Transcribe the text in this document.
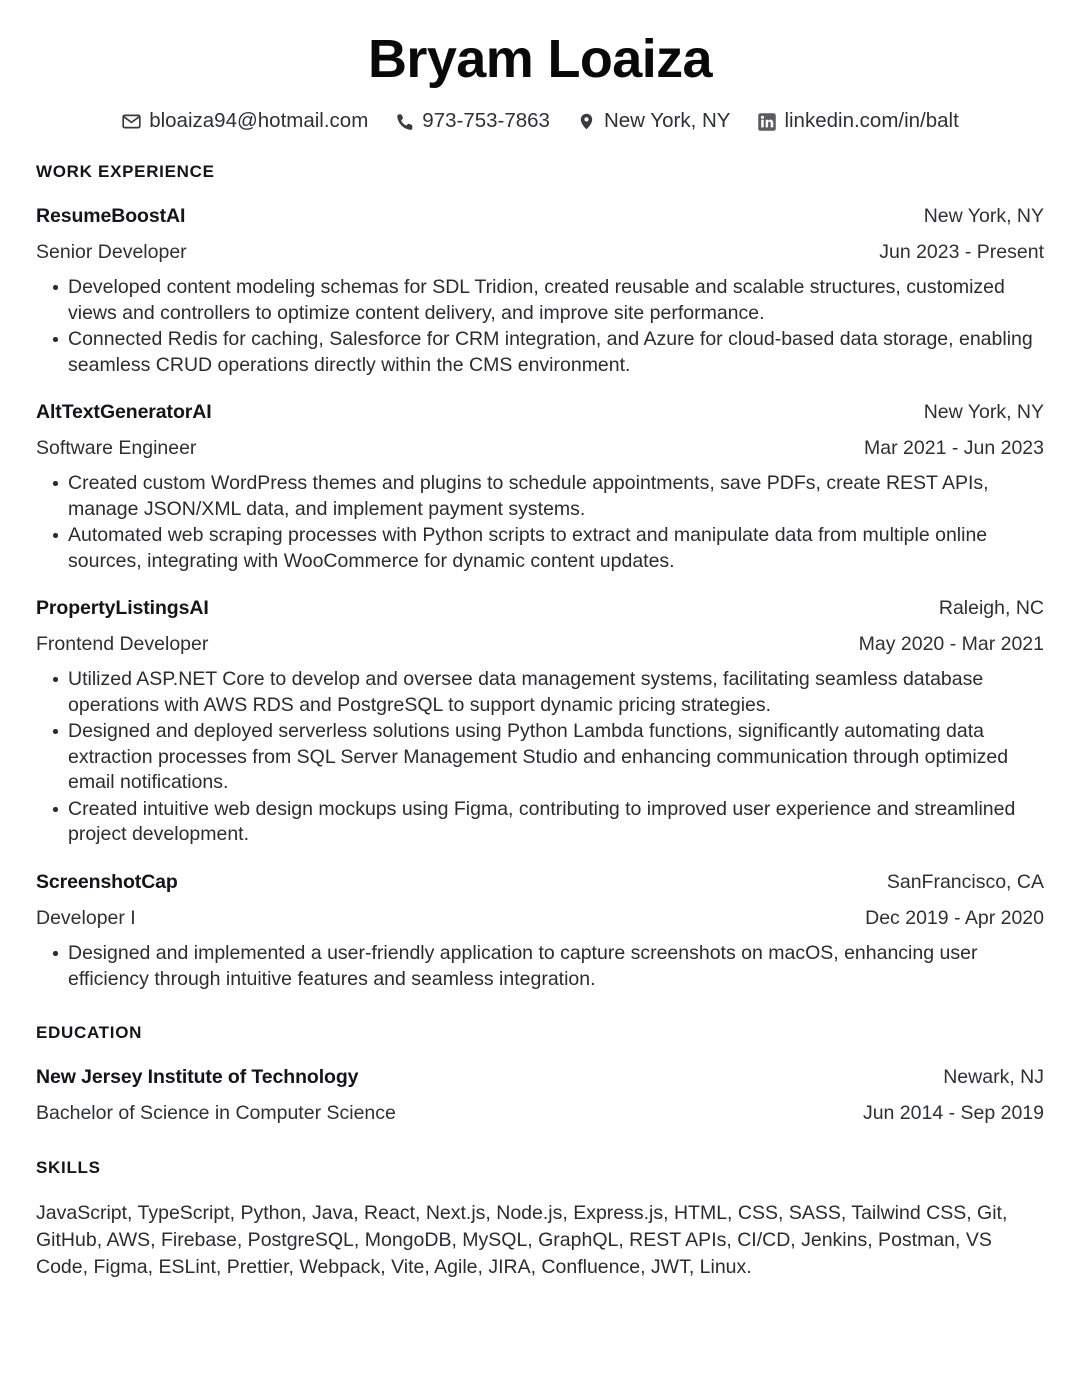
Bryam Loaiza
bloaiza94@hotmail.com	973-753-7863	New York, NY	linkedin.com/in/balt
WORK EXPERIENCE
ResumeBoostAI	New York, NY
Senior Developer	Jun 2023 - Present
Developed content modeling schemas for SDL Tridion, created reusable and scalable structures, customized views and controllers to optimize content delivery, and improve site performance.
Connected Redis for caching, Salesforce for CRM integration, and Azure for cloud-based data storage, enabling seamless CRUD operations directly within the CMS environment.
AltTextGeneratorAI	New York, NY
Software Engineer	Mar 2021 - Jun 2023
Created custom WordPress themes and plugins to schedule appointments, save PDFs, create REST APIs, manage JSON/XML data, and implement payment systems.
Automated web scraping processes with Python scripts to extract and manipulate data from multiple online sources, integrating with WooCommerce for dynamic content updates.
PropertyListingsAI	Raleigh, NC
Frontend Developer	May 2020 - Mar 2021
Utilized ASP.NET Core to develop and oversee data management systems, facilitating seamless database operations with AWS RDS and PostgreSQL to support dynamic pricing strategies.
Designed and deployed serverless solutions using Python Lambda functions, significantly automating data extraction processes from SQL Server Management Studio and enhancing communication through optimized email notifications.
Created intuitive web design mockups using Figma, contributing to improved user experience and streamlined project development.
ScreenshotCap	SanFrancisco, CA
Developer I	Dec 2019 - Apr 2020
Designed and implemented a user-friendly application to capture screenshots on macOS, enhancing user efficiency through intuitive features and seamless integration.
EDUCATION
New Jersey Institute of Technology	Newark, NJ
Bachelor of Science in Computer Science	Jun 2014 - Sep 2019
SKILLS

JavaScript, TypeScript, Python, Java, React, Next.js, Node.js, Express.js, HTML, CSS, SASS, Tailwind CSS, Git, GitHub, AWS, Firebase, PostgreSQL, MongoDB, MySQL, GraphQL, REST APIs, CI/CD, Jenkins, Postman, VS Code, Figma, ESLint, Prettier, Webpack, Vite, Agile, JIRA, Confluence, JWT, Linux.
